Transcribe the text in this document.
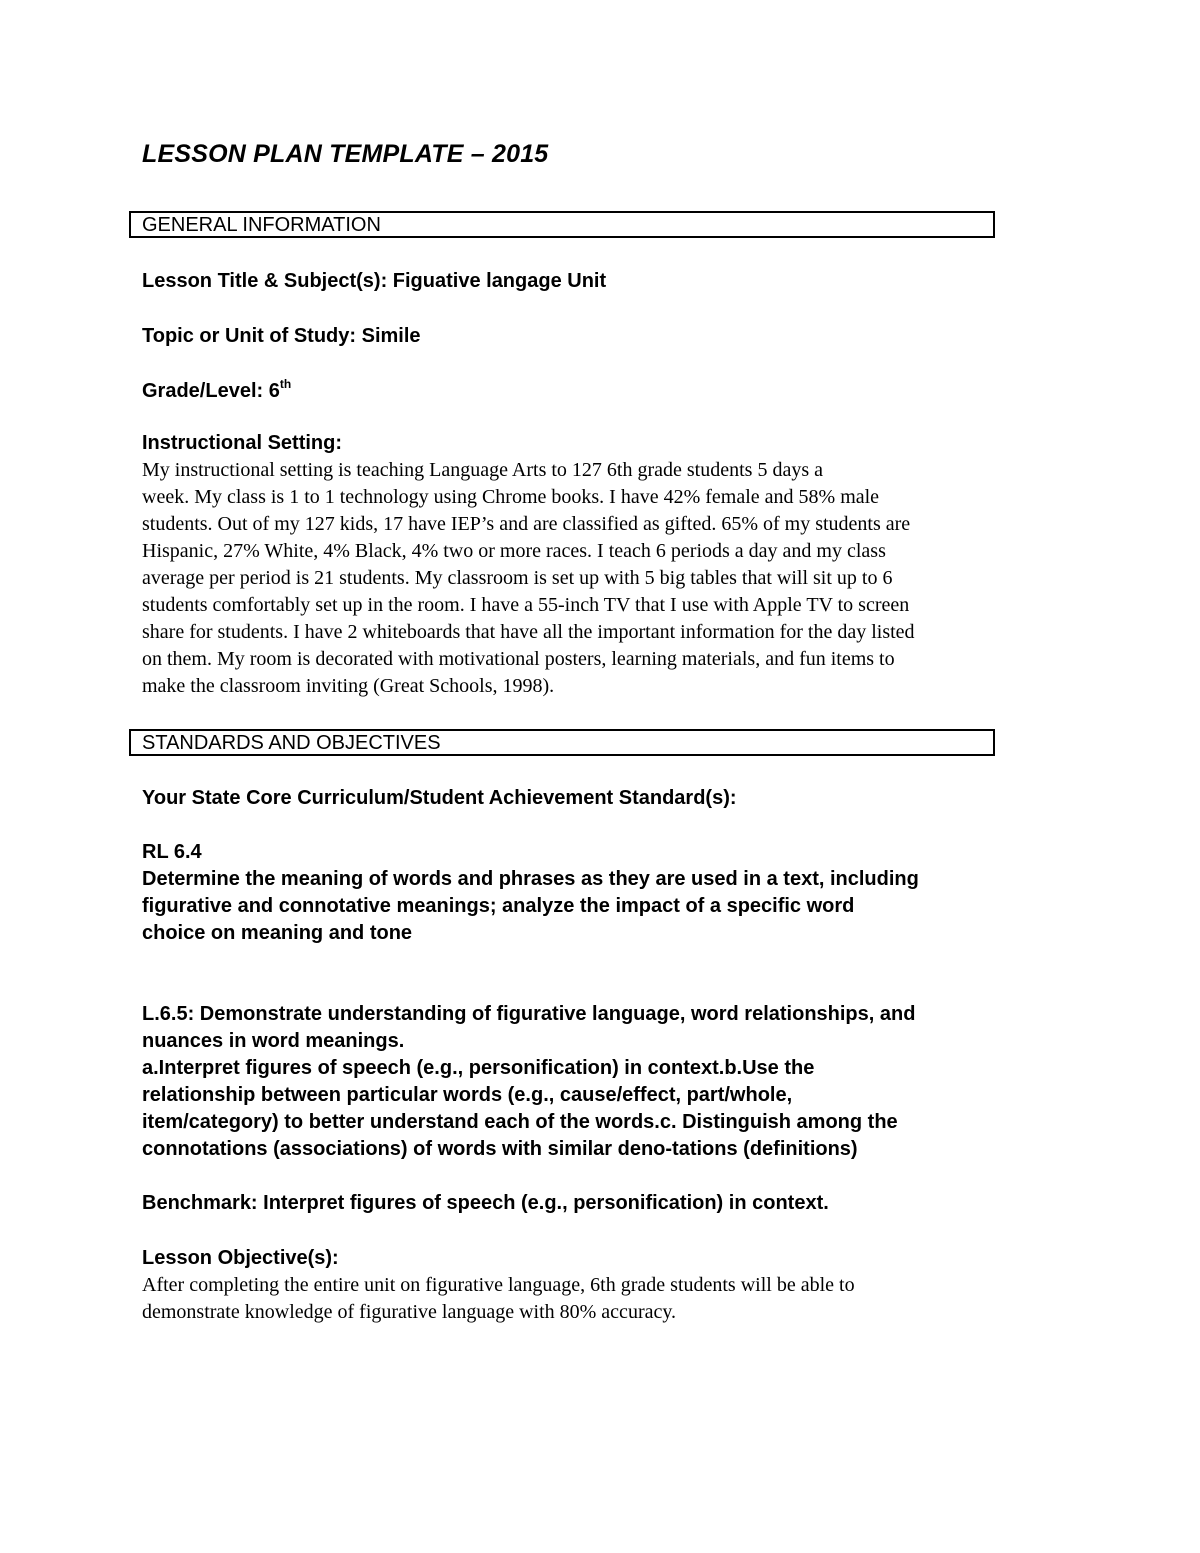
LESSON PLAN TEMPLATE – 2015
GENERAL INFORMATION
Lesson Title & Subject(s): Figuative langage Unit
Topic or Unit of Study: Simile
Grade/Level: 6th
Instructional Setting:
My instructional setting is teaching Language Arts to 127 6th grade students 5 days a
week. My class is 1 to 1 technology using Chrome books. I have 42% female and 58% male
students. Out of my 127 kids, 17 have IEP’s and are classified as gifted. 65% of my students are
Hispanic, 27% White, 4% Black, 4% two or more races. I teach 6 periods a day and my class
average per period is 21 students. My classroom is set up with 5 big tables that will sit up to 6
students comfortably set up in the room. I have a 55-inch TV that I use with Apple TV to screen
share for students. I have 2 whiteboards that have all the important information for the day listed
on them. My room is decorated with motivational posters, learning materials, and fun items to
make the classroom inviting (Great Schools, 1998).
STANDARDS AND OBJECTIVES
Your State Core Curriculum/Student Achievement Standard(s):
RL 6.4
Determine the meaning of words and phrases as they are used in a text, including
figurative and connotative meanings; analyze the impact of a specific word
choice on meaning and tone
L.6.5: Demonstrate understanding of figurative language, word relationships, and
nuances in word meanings.
a.Interpret figures of speech (e.g., personification) in context.b.Use the
relationship between particular words (e.g., cause/effect, part/whole,
item/category) to better understand each of the words.c. Distinguish among the
connotations (associations) of words with similar deno-tations (definitions)
Benchmark: Interpret figures of speech (e.g., personification) in context.
Lesson Objective(s):
After completing the entire unit on figurative language, 6th grade students will be able to
demonstrate knowledge of figurative language with 80% accuracy.
